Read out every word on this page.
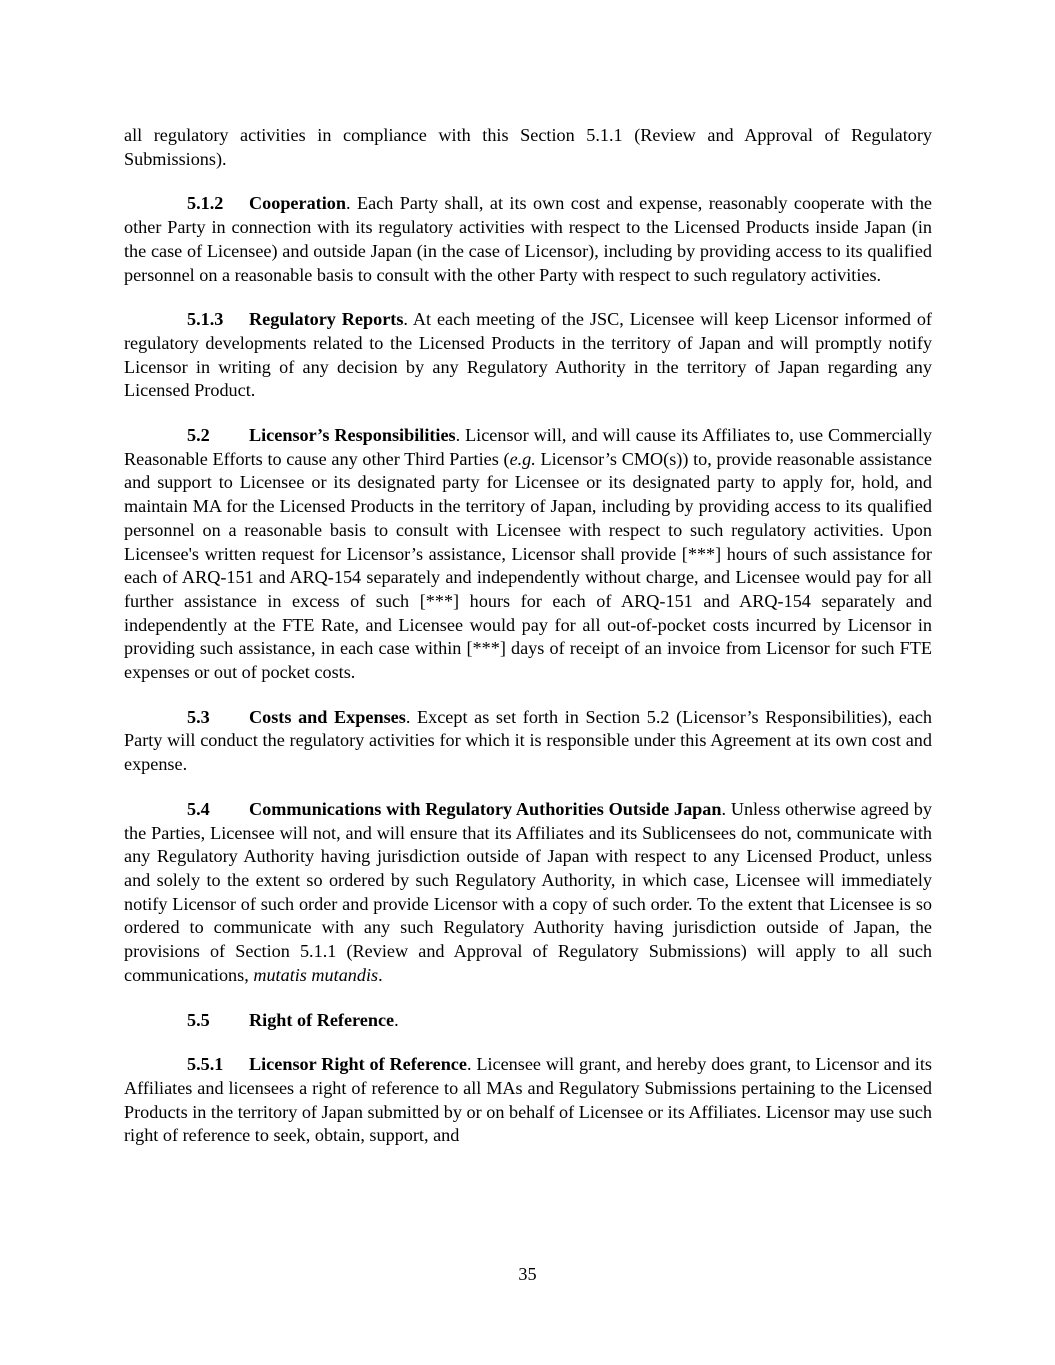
all regulatory activities in compliance with this Section 5.1.1 (Review and Approval of Regulatory Submissions).

5.1.2 Cooperation. Each Party shall, at its own cost and expense, reasonably cooperate with the other Party in connection with its regulatory activities with respect to the Licensed Products inside Japan (in the case of Licensee) and outside Japan (in the case of Licensor), including by providing access to its qualified personnel on a reasonable basis to consult with the other Party with respect to such regulatory activities.

5.1.3 Regulatory Reports. At each meeting of the JSC, Licensee will keep Licensor informed of regulatory developments related to the Licensed Products in the territory of Japan and will promptly notify Licensor in writing of any decision by any Regulatory Authority in the territory of Japan regarding any Licensed Product.

5.2 Licensor’s Responsibilities. Licensor will, and will cause its Affiliates to, use Commercially Reasonable Efforts to cause any other Third Parties (e.g. Licensor’s CMO(s)) to, provide reasonable assistance and support to Licensee or its designated party for Licensee or its designated party to apply for, hold, and maintain MA for the Licensed Products in the territory of Japan, including by providing access to its qualified personnel on a reasonable basis to consult with Licensee with respect to such regulatory activities. Upon Licensee's written request for Licensor’s assistance, Licensor shall provide [***] hours of such assistance for each of ARQ-151 and ARQ-154 separately and independently without charge, and Licensee would pay for all further assistance in excess of such [***] hours for each of ARQ-151 and ARQ-154 separately and independently at the FTE Rate, and Licensee would pay for all out-of-pocket costs incurred by Licensor in providing such assistance, in each case within [***] days of receipt of an invoice from Licensor for such FTE expenses or out of pocket costs.

5.3 Costs and Expenses. Except as set forth in Section 5.2 (Licensor’s Responsibilities), each Party will conduct the regulatory activities for which it is responsible under this Agreement at its own cost and expense.

5.4 Communications with Regulatory Authorities Outside Japan. Unless otherwise agreed by the Parties, Licensee will not, and will ensure that its Affiliates and its Sublicensees do not, communicate with any Regulatory Authority having jurisdiction outside of Japan with respect to any Licensed Product, unless and solely to the extent so ordered by such Regulatory Authority, in which case, Licensee will immediately notify Licensor of such order and provide Licensor with a copy of such order. To the extent that Licensee is so ordered to communicate with any such Regulatory Authority having jurisdiction outside of Japan, the provisions of Section 5.1.1 (Review and Approval of Regulatory Submissions) will apply to all such communications, mutatis mutandis.

5.5 Right of Reference.

5.5.1 Licensor Right of Reference. Licensee will grant, and hereby does grant, to Licensor and its Affiliates and licensees a right of reference to all MAs and Regulatory Submissions pertaining to the Licensed Products in the territory of Japan submitted by or on behalf of Licensee or its Affiliates. Licensor may use such right of reference to seek, obtain, support, and

35
